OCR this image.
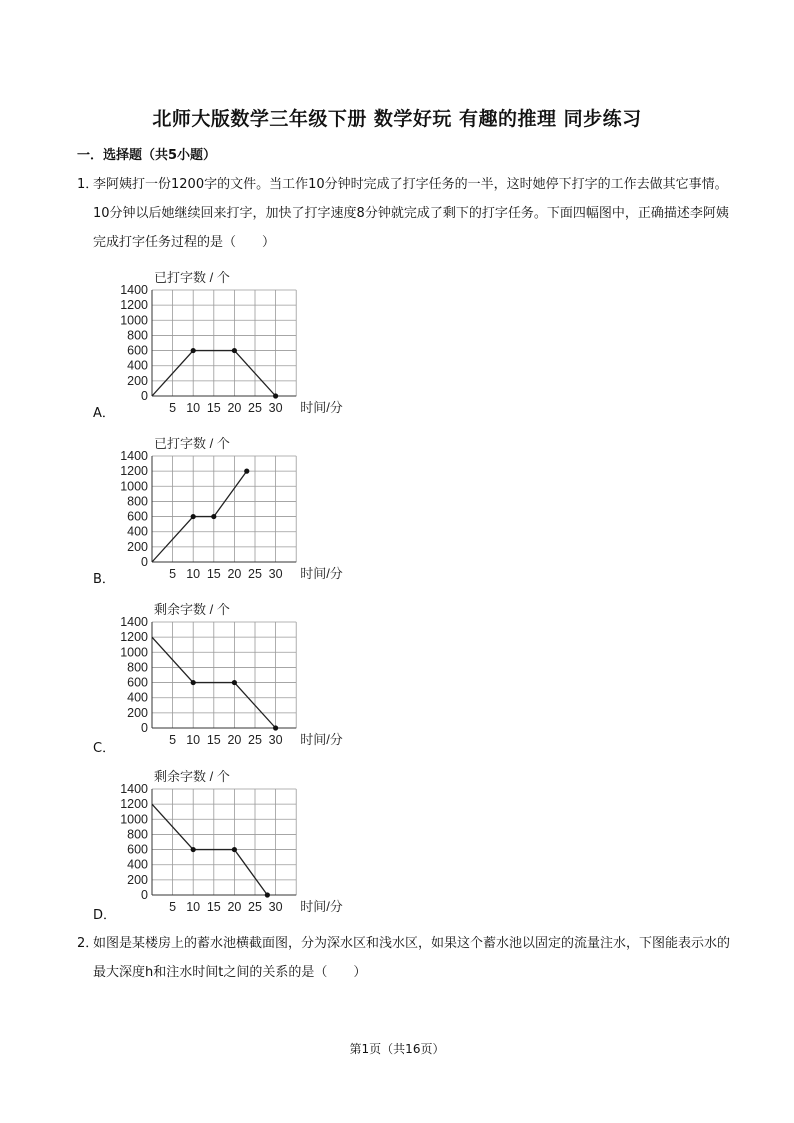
北师大版数学三年级下册 数学好玩 有趣的推理 同步练习
一．选择题（共5小题）
1．
李阿姨打一份1200字的文件。当工作10分钟时完成了打字任务的一半，这时她停下打字的工作去做其它事情。10分钟以后她继续回来打字，加快了打字速度8分钟就完成了剩下的打字任务。下面四幅图中，正确描述李阿姨完成打字任务过程的是（　　）
A．
0
200
400
600
800
1000
1200
1400
5 10 15 20 25 30
已打字数 / 个
时间/分
B．
0
200
400
600
800
1000
1200
1400
5 10 15 20 25 30
已打字数 / 个
时间/分
C．
0
200
400
600
800
1000
1200
1400
5 10 15 20 25 30
剩余字数 / 个
时间/分
D．
0
200
400
600
800
1000
1200
1400
5 10 15 20 25 30
剩余字数 / 个
时间/分
2．
如图是某楼房上的蓄水池横截面图，分为深水区和浅水区，如果这个蓄水池以固定的流量注水，下图能表示水的最大深度h和注水时间t之间的关系的是（　　）
第1页（共16页）
